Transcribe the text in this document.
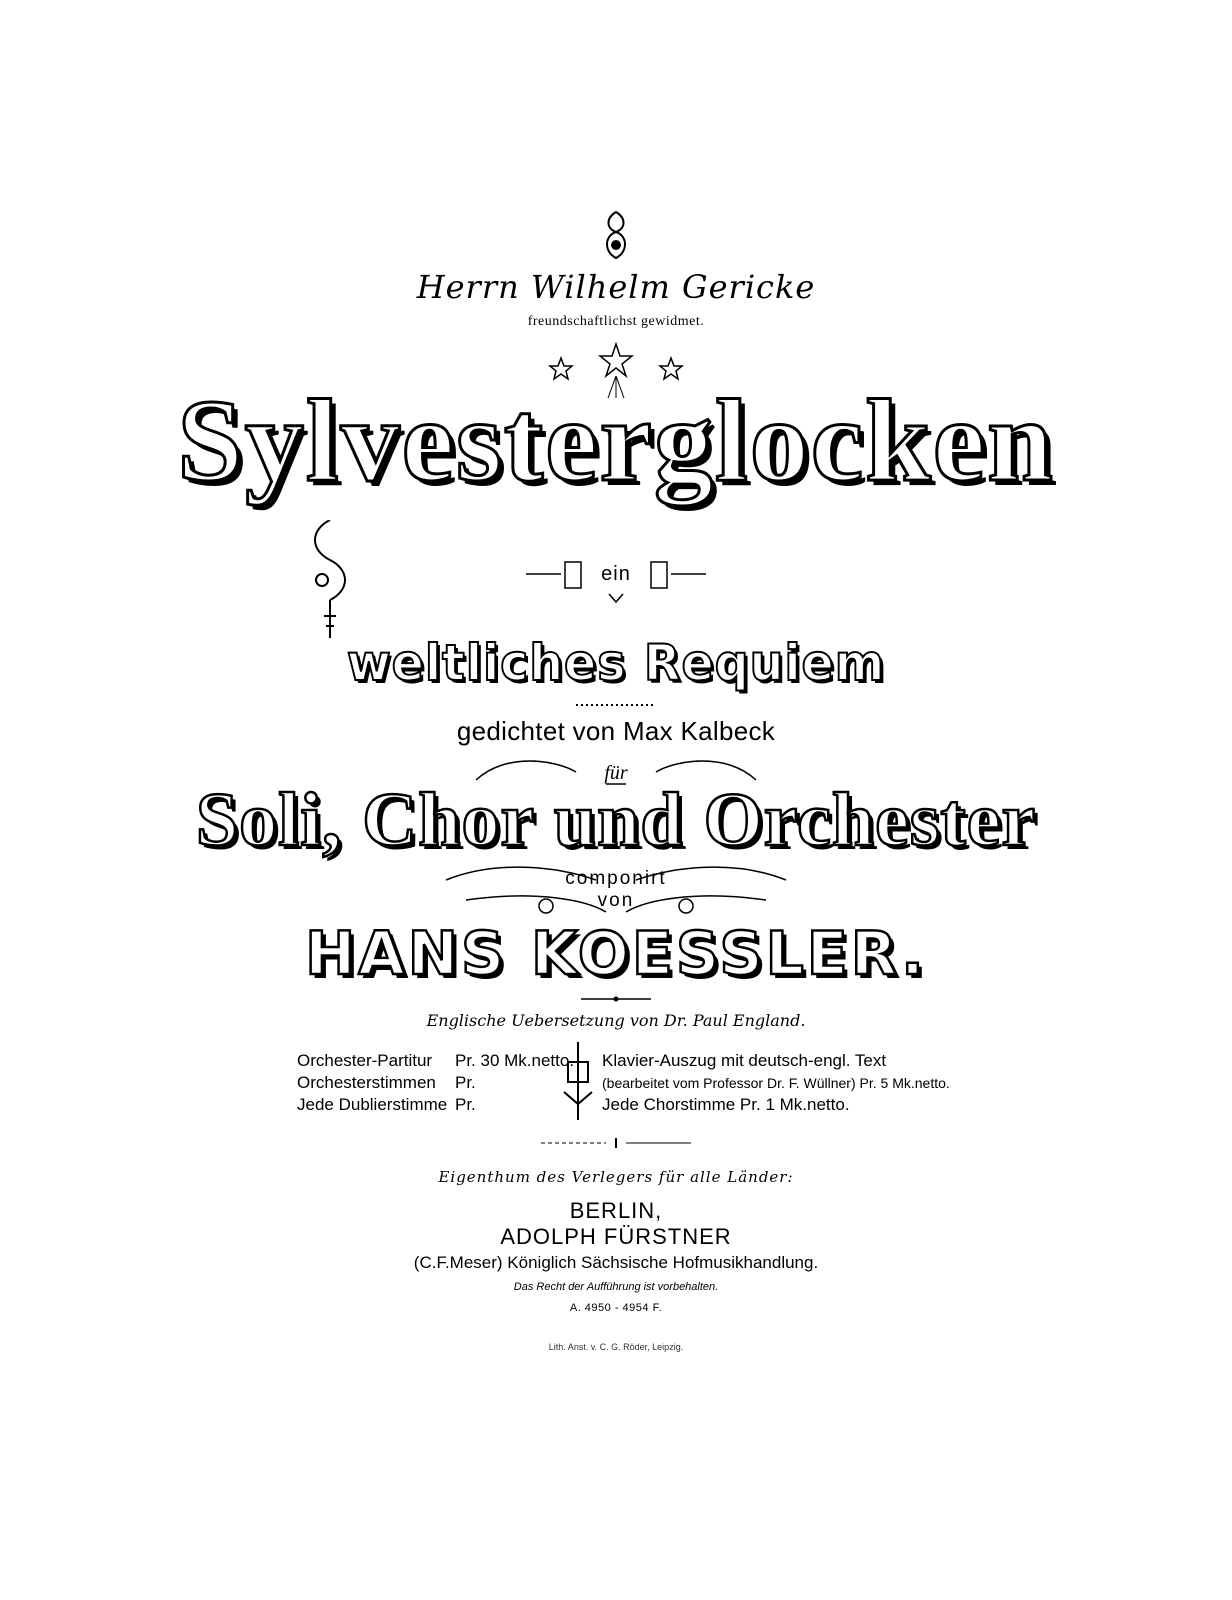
Herrn Wilhelm Gericke
freundschaftlichst gewidmet.
Sylvesterglocken
ein
weltliches Requiem
gedichtet von Max Kalbeck
für
Soli, Chor und Orchester
componirt
von
HANS KOESSLER.
Englische Uebersetzung von Dr. Paul England.
Orchester-Partitur	Pr. 30 Mk.netto.
Orchesterstimmen	Pr.
Jede Dublierstimme Pr.
Klavier-Auszug mit deutsch-engl. Text
(bearbeitet vom Professor Dr. F. Wüllner) Pr. 5 Mk.netto.
Jede Chorstimme Pr. 1 Mk.netto.
Eigenthum des Verlegers für alle Länder:
BERLIN,
ADOLPH FÜRSTNER
(C.F.Meser) Königlich Sächsische Hofmusikhandlung.
Das Recht der Aufführung ist vorbehalten.
A. 4950 - 4954 F.
Lith. Anst. v. C. G. Röder, Leipzig.
